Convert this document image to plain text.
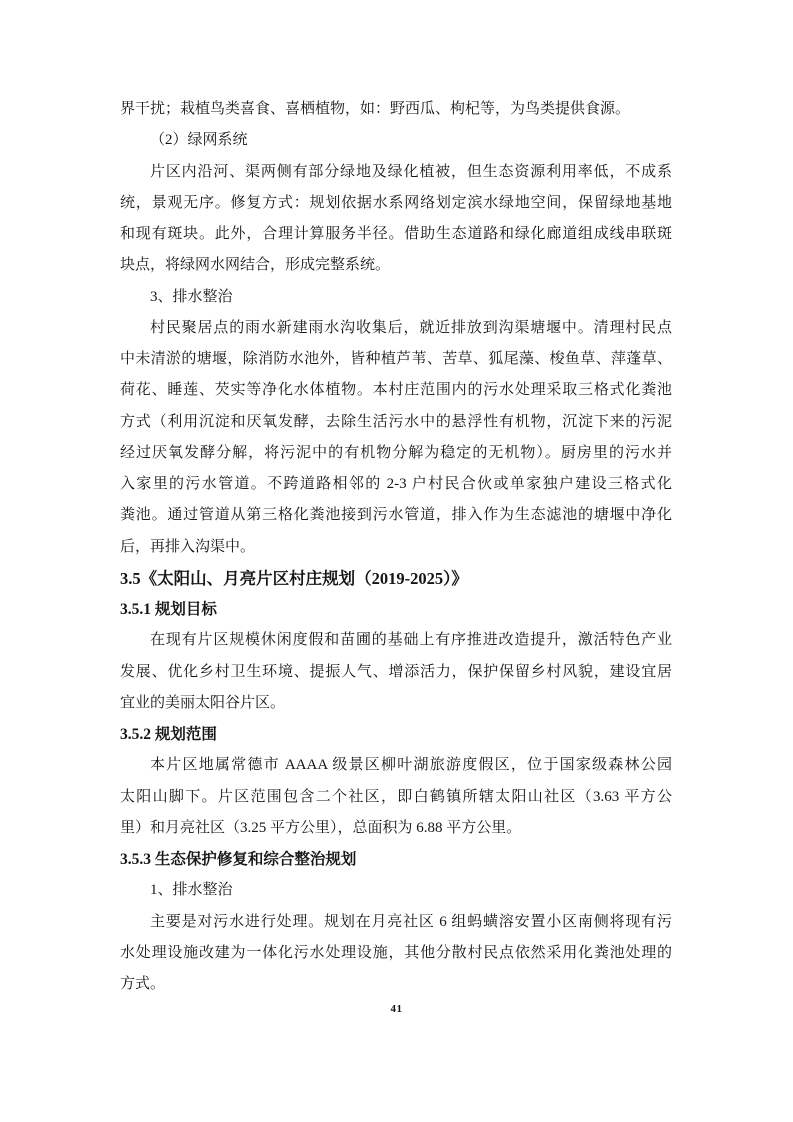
界干扰；栽植鸟类喜食、喜栖植物，如：野西瓜、枸杞等，为鸟类提供食源。
（2）绿网系统
片区内沿河、渠两侧有部分绿地及绿化植被，但生态资源利用率低，不成系
统，景观无序。修复方式：规划依据水系网络划定滨水绿地空间，保留绿地基地
和现有斑块。此外，合理计算服务半径。借助生态道路和绿化廊道组成线串联斑
块点，将绿网水网结合，形成完整系统。
3、排水整治
村民聚居点的雨水新建雨水沟收集后，就近排放到沟渠塘堰中。清理村民点
中未清淤的塘堰，除消防水池外，皆种植芦苇、苦草、狐尾藻、梭鱼草、萍蓬草、
荷花、睡莲、芡实等净化水体植物。本村庄范围内的污水处理采取三格式化粪池
方式（利用沉淀和厌氧发酵，去除生活污水中的悬浮性有机物，沉淀下来的污泥
经过厌氧发酵分解，将污泥中的有机物分解为稳定的无机物）。厨房里的污水并
入家里的污水管道。不跨道路相邻的 2-3 户村民合伙或单家独户建设三格式化
粪池。通过管道从第三格化粪池接到污水管道，排入作为生态滤池的塘堰中净化
后，再排入沟渠中。
3.5《太阳山、月亮片区村庄规划（2019-2025）》
3.5.1 规划目标
在现有片区规模休闲度假和苗圃的基础上有序推进改造提升，激活特色产业
发展、优化乡村卫生环境、提振人气、增添活力，保护保留乡村风貌，建设宜居
宜业的美丽太阳谷片区。
3.5.2 规划范围
本片区地属常德市 AAAA 级景区柳叶湖旅游度假区，位于国家级森林公园
太阳山脚下。片区范围包含二个社区，即白鹤镇所辖太阳山社区（3.63 平方公
里）和月亮社区（3.25 平方公里），总面积为 6.88 平方公里。
3.5.3 生态保护修复和综合整治规划
1、排水整治
主要是对污水进行处理。规划在月亮社区 6 组蚂蟥溶安置小区南侧将现有污
水处理设施改建为一体化污水处理设施，其他分散村民点依然采用化粪池处理的
方式。
41
